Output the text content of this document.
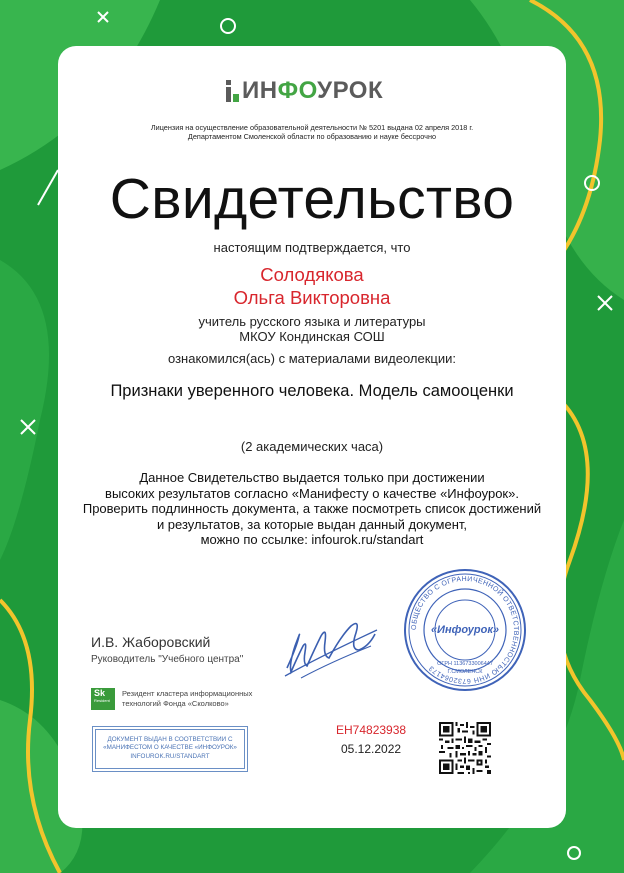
ИНФОУРОК
Лицензия на осуществление образовательной деятельности № 5201 выдана 02 апреля 2018 г.
Департаментом Смоленской области по образованию и науке бессрочно
Свидетельство
настоящим подтверждается, что
Солодякова
Ольга Викторовна
учитель русского языка и литературы
МКОУ Кондинская СОШ
ознакомился(ась) с материалами видеолекции:
Признаки уверенного человека. Модель самооценки
(2 академических часа)
Данное Свидетельство выдается только при достижении
высоких результатов согласно «Манифесту о качестве «Инфоурок».
Проверить подлинность документа, а также посмотреть список достижений
и результатов, за которые выдан данный документ,
можно по ссылке: infourok.ru/standart
И.В. Жаборовский
Руководитель "Учебного центра"
Sk
Resident
Резидент кластера информационных
технологий Фонда «Сколково»
ДОКУМЕНТ ВЫДАН В СООТВЕТСТВИИ С
«МАНИФЕСТОМ О КАЧЕСТВЕ «ИНФОУРОК»
INFOUROK.RU/STANDART
ЕН74823938
05.12.2022
ОБЩЕСТВО С ОГРАНИЧЕННОЙ ОТВЕТСТВЕННОСТЬЮ ИНН 6732064173
«Инфоурок»
ОГРН 1136733006447
Г.СМОЛЕНСК
